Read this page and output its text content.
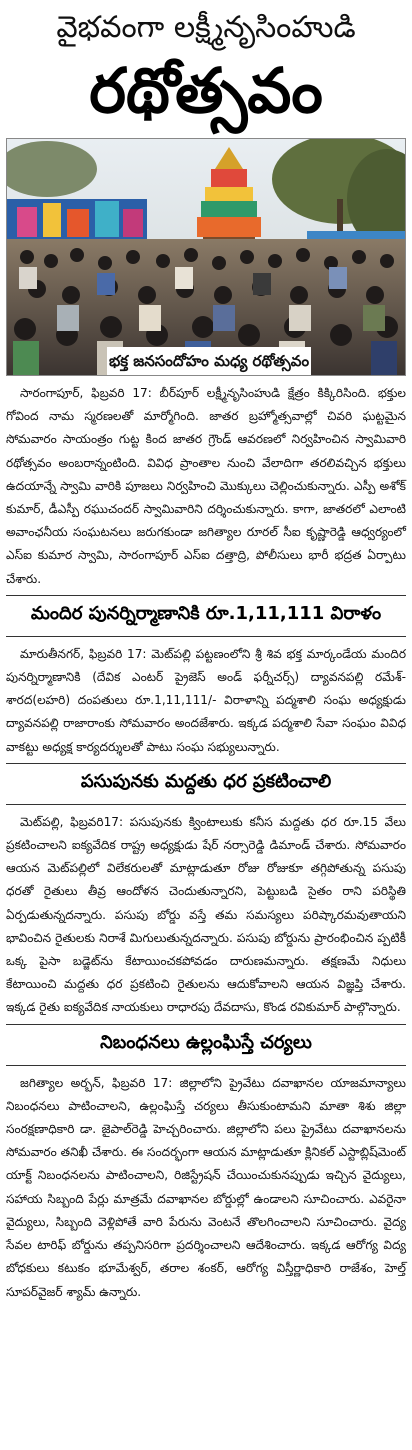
వైభవంగా లక్ష్మీనృసింహుడి
రథోత్సవం
భక్త జనసందోహం మధ్య రథోత్సవం

సారంగాపూర్, ఫిబ్రవరి 17: బీర్‌పూర్ లక్ష్మీనృసింహుడి క్షేత్రం కిక్కిరిసింది. భక్తుల గోవింద నామ స్మరణలతో మార్మోగింది. జాతర బ్రహ్మోత్సవాల్లో చివరి ఘట్టమైన సోమవారం సాయంత్రం గుట్ట కింద జాతర గ్రౌండ్ ఆవరణలో నిర్వహించిన స్వామివారి రథోత్సవం అంబరాన్నంటింది. వివిధ ప్రాంతాల నుంచి వేలాదిగా తరలివచ్చిన భక్తులు ఉదయాన్నే స్వామి వారికి పూజలు నిర్వహించి మొక్కులు చెల్లించుకున్నారు. ఎస్పీ అశోక్ కుమార్, డీఎస్పీ రఘుచందర్ స్వామివారిని దర్శించుకున్నారు. కాగా, జాతరలో ఎలాంటి అవాంఛనీయ సంఘటనలు జరుగకుండా జగిత్యాల రూరల్ సీఐ కృష్ణారెడ్డి ఆధ్వర్యంలో ఎస్ఐ కుమార స్వామి, సారంగాపూర్ ఎస్ఐ దత్తాద్రి, పోలీసులు భారీ భద్రత ఏర్పాటు చేశారు.

మందిర పునర్నిర్మాణానికి రూ.1,11,111 విరాళం

మారుతీనగర్, ఫిబ్రవరి 17: మెట్‌పల్లి పట్టణంలోని శ్రీ శివ భక్త మార్కండేయ మందిర పునర్నిర్మాణానికి (దేవిక ఎంటర్ ప్రైజెస్ అండ్ ఫర్నీచర్స్) ద్యావనపల్లి రమేశ్-శారద(లహరి) దంపతులు రూ.1,11,111/- విరాళాన్ని పద్మశాలి సంఘ అధ్యక్షుడు ద్యావనపల్లి రాజారాంకు సోమవారం అందజేశారు. ఇక్కడ పద్మశాలి సేవా సంఘం వివిధ వాకట్టు అధ్యక్ష కార్యదర్శులతో పాటు సంఘ సభ్యులున్నారు.

పసుపునకు మద్దతు ధర ప్రకటించాలి

మెట్‌పల్లి, ఫిబ్రవరి17: పసుపునకు క్వింటాలుకు కనీస మద్దతు ధర రూ.15 వేలు ప్రకటించాలని ఐక్యవేదిక రాష్ట్ర అధ్యక్షుడు షేర్ నర్సారెడ్డి డిమాండ్ చేశారు. సోమవారం ఆయన మెట్‌పల్లిలో విలేకరులతో మాట్లాడుతూ రోజు రోజుకూ తగ్గిపోతున్న పసుపు ధరతో రైతులు తీవ్ర ఆందోళన చెందుతున్నారని, పెట్టుబడి సైతం రాని పరిస్థితి ఏర్పడుతున్నదన్నారు. పసుపు బోర్డు వస్తే తమ సమస్యలు పరిష్కారమవుతాయని భావించిన రైతులకు నిరాశే మిగులుతున్నదన్నారు. పసుపు బోర్డును ప్రారంభించిన ప్పటికీ ఒక్క పైసా బడ్జెట్‌ను కేటాయించకపోవడం దారుణమన్నారు. తక్షణమే నిధులు కేటాయించి మద్దతు ధర ప్రకటించి రైతులను ఆదుకోవాలని ఆయన విజ్ఞప్తి చేశారు. ఇక్కడ రైతు ఐక్యవేదిక నాయకులు రాధారపు దేవదాసు, కొండ రవికుమార్ పాల్గొన్నారు.

నిబంధనలు ఉల్లంఘిస్తే చర్యలు

జగిత్యాల అర్బన్, ఫిబ్రవరి 17: జిల్లాలోని ప్రైవేటు దవాఖానల యాజమాన్యాలు నిబంధనలు పాటించాలని, ఉల్లంఘిస్తే చర్యలు తీసుకుంటామని మాతా శిశు జిల్లా సంరక్షణాధికారి డా. జైపాల్‌రెడ్డి హెచ్చరించారు. జిల్లాలోని పలు ప్రైవేటు దవాఖానలను సోమవారం తనిఖీ చేశారు. ఈ సందర్భంగా ఆయన మాట్లాడుతూ క్లినికల్ ఎస్టాబ్లిష్‌మెంట్ యాక్ట్ నిబంధనలను పాటించాలని, రిజిస్ట్రేషన్ చేయించుకునప్పుడు ఇచ్చిన వైద్యులు, సహాయ సిబ్బంది పేర్లు మాత్రమే దవాఖానల బోర్డుల్లో ఉండాలని సూచించారు. ఎవరైనా వైద్యులు, సిబ్బంది వెళ్లిపోతే వారి పేరును వెంటనే తొలగించాలని సూచించారు. వైద్య సేవల టారిఫ్ బోర్డును తప్పనిసరిగా ప్రదర్శించాలని ఆదేశించారు. ఇక్కడ ఆరోగ్య విద్య బోధకులు కటుకం భూమేశ్వర్, తరాల శంకర్, ఆరోగ్య విస్తీర్ణాధికారి రాజేశం, హెల్త్ సూపర్‌వైజర్ శ్యామ్ ఉన్నారు.
